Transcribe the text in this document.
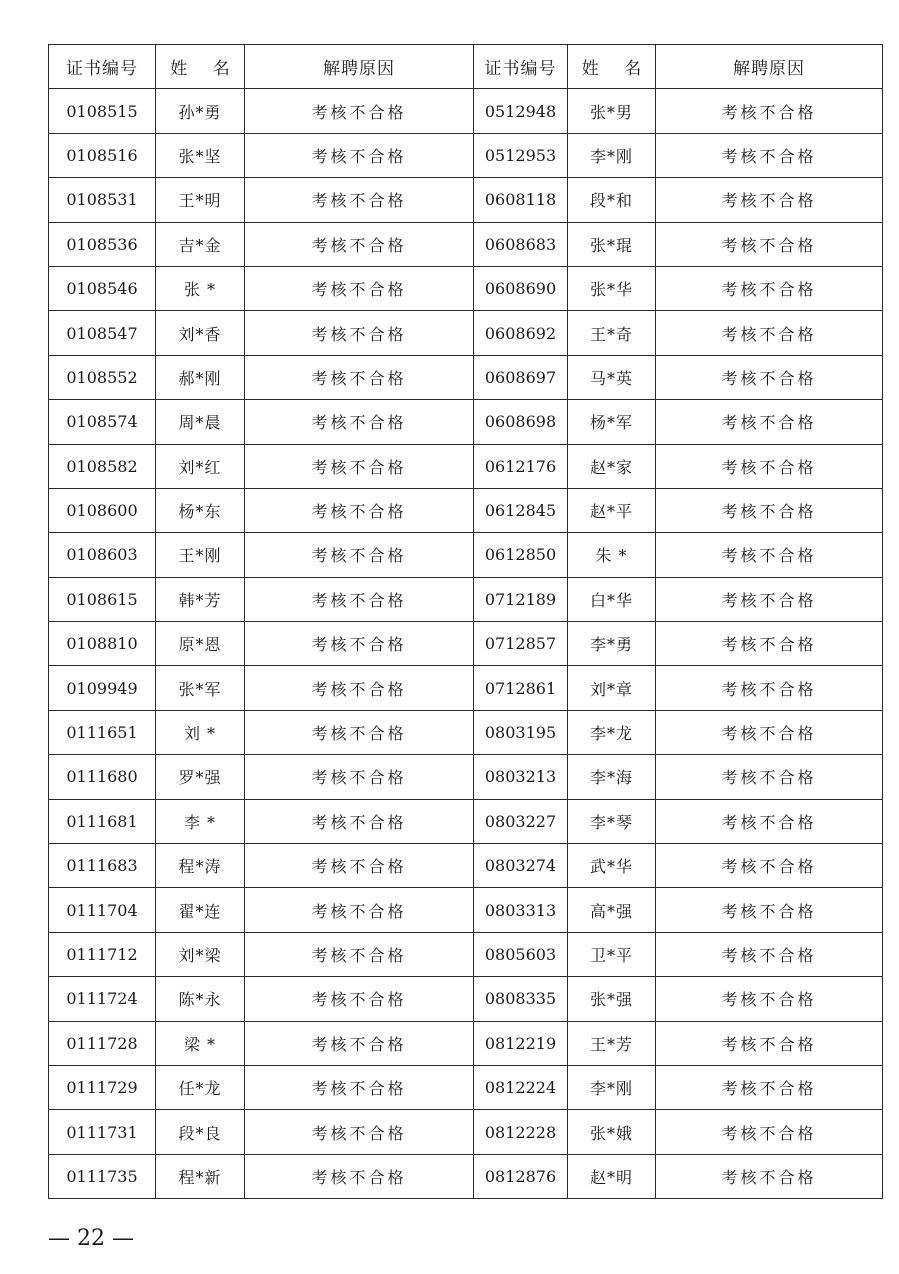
证书编号	姓 名	解聘原因	证书编号	姓 名	解聘原因
0108515	孙*勇	考核不合格	0512948	张*男	考核不合格
0108516	张*坚	考核不合格	0512953	李*刚	考核不合格
0108531	王*明	考核不合格	0608118	段*和	考核不合格
0108536	吉*金	考核不合格	0608683	张*琨	考核不合格
0108546	张 *	考核不合格	0608690	张*华	考核不合格
0108547	刘*香	考核不合格	0608692	王*奇	考核不合格
0108552	郝*刚	考核不合格	0608697	马*英	考核不合格
0108574	周*晨	考核不合格	0608698	杨*军	考核不合格
0108582	刘*红	考核不合格	0612176	赵*家	考核不合格
0108600	杨*东	考核不合格	0612845	赵*平	考核不合格
0108603	王*刚	考核不合格	0612850	朱 *	考核不合格
0108615	韩*芳	考核不合格	0712189	白*华	考核不合格
0108810	原*恩	考核不合格	0712857	李*勇	考核不合格
0109949	张*军	考核不合格	0712861	刘*章	考核不合格
0111651	刘 *	考核不合格	0803195	李*龙	考核不合格
0111680	罗*强	考核不合格	0803213	李*海	考核不合格
0111681	李 *	考核不合格	0803227	李*琴	考核不合格
0111683	程*涛	考核不合格	0803274	武*华	考核不合格
0111704	翟*连	考核不合格	0803313	高*强	考核不合格
0111712	刘*梁	考核不合格	0805603	卫*平	考核不合格
0111724	陈*永	考核不合格	0808335	张*强	考核不合格
0111728	梁 *	考核不合格	0812219	王*芳	考核不合格
0111729	任*龙	考核不合格	0812224	李*刚	考核不合格
0111731	段*良	考核不合格	0812228	张*娥	考核不合格
0111735	程*新	考核不合格	0812876	赵*明	考核不合格
— 22 —
